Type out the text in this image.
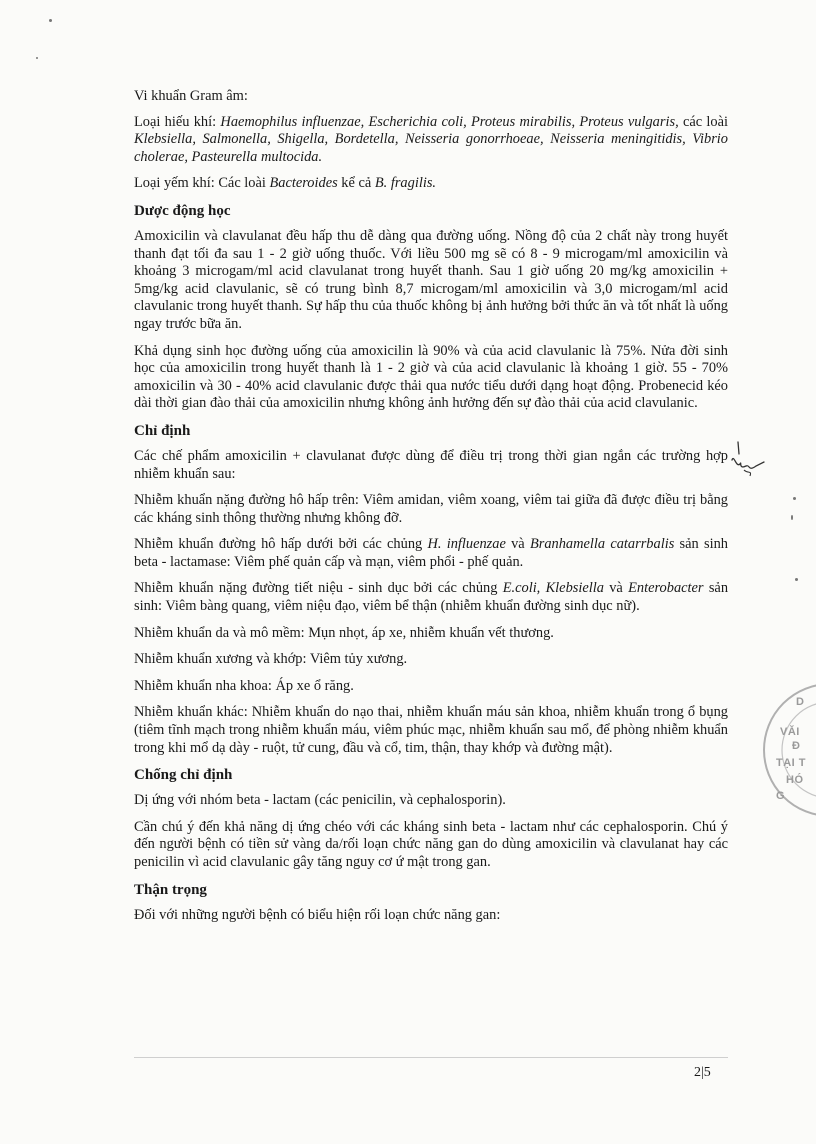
Vi khuẩn Gram âm:

Loại hiếu khí: Haemophilus influenzae, Escherichia coli, Proteus mirabilis, Proteus vulgaris, các loài Klebsiella, Salmonella, Shigella, Bordetella, Neisseria gonorrhoeae, Neisseria meningitidis, Vibrio cholerae, Pasteurella multocida.

Loại yếm khí: Các loài Bacteroides kể cả B. fragilis.

Dược động học

Amoxicilin và clavulanat đều hấp thu dễ dàng qua đường uống. Nồng độ của 2 chất này trong huyết thanh đạt tối đa sau 1 - 2 giờ uống thuốc. Với liều 500 mg sẽ có 8 - 9 microgam/ml amoxicilin và khoảng 3 microgam/ml acid clavulanat trong huyết thanh. Sau 1 giờ uống 20 mg/kg amoxicilin + 5mg/kg acid clavulanic, sẽ có trung bình 8,7 microgam/ml amoxicilin và 3,0 microgam/ml acid clavulanic trong huyết thanh. Sự hấp thu của thuốc không bị ảnh hưởng bởi thức ăn và tốt nhất là uống ngay trước bữa ăn.

Khả dụng sinh học đường uống của amoxicilin là 90% và của acid clavulanic là 75%. Nửa đời sinh học của amoxicilin trong huyết thanh là 1 - 2 giờ và của acid clavulanic là khoảng 1 giờ. 55 - 70% amoxicilin và 30 - 40% acid clavulanic được thải qua nước tiểu dưới dạng hoạt động. Probenecid kéo dài thời gian đào thải của amoxicilin nhưng không ảnh hưởng đến sự đào thải của acid clavulanic.

Chỉ định

Các chế phẩm amoxicilin + clavulanat được dùng để điều trị trong thời gian ngắn các trường hợp nhiễm khuẩn sau:

Nhiễm khuẩn nặng đường hô hấp trên: Viêm amidan, viêm xoang, viêm tai giữa đã được điều trị bằng các kháng sinh thông thường nhưng không đỡ.

Nhiễm khuẩn đường hô hấp dưới bởi các chủng H. influenzae và Branhamella catarrbalis sản sinh beta - lactamase: Viêm phế quản cấp và mạn, viêm phổi - phế quản.

Nhiễm khuẩn nặng đường tiết niệu - sinh dục bởi các chủng E.coli, Klebsiella và Enterobacter sản sinh: Viêm bàng quang, viêm niệu đạo, viêm bể thận (nhiễm khuẩn đường sinh dục nữ).

Nhiễm khuẩn da và mô mềm: Mụn nhọt, áp xe, nhiễm khuẩn vết thương.

Nhiễm khuẩn xương và khớp: Viêm tủy xương.

Nhiễm khuẩn nha khoa: Áp xe ổ răng.

Nhiễm khuẩn khác: Nhiễm khuẩn do nạo thai, nhiễm khuẩn máu sản khoa, nhiễm khuẩn trong ổ bụng (tiêm tĩnh mạch trong nhiễm khuẩn máu, viêm phúc mạc, nhiễm khuẩn sau mổ, để phòng nhiễm khuẩn trong khi mổ dạ dày - ruột, tử cung, đầu và cổ, tim, thận, thay khớp và đường mật).

Chống chỉ định

Dị ứng với nhóm beta - lactam (các penicilin, và cephalosporin).

Cần chú ý đến khả năng dị ứng chéo với các kháng sinh beta - lactam như các cephalosporin. Chú ý đến người bệnh có tiền sử vàng da/rối loạn chức năng gan do dùng amoxicilin và clavulanat hay các penicilin vì acid clavulanic gây tăng nguy cơ ứ mật trong gan.

Thận trọng

Đối với những người bệnh có biểu hiện rối loạn chức năng gan:

D
VĂI
Đ
TẠI T
HÓ
G
2|5
